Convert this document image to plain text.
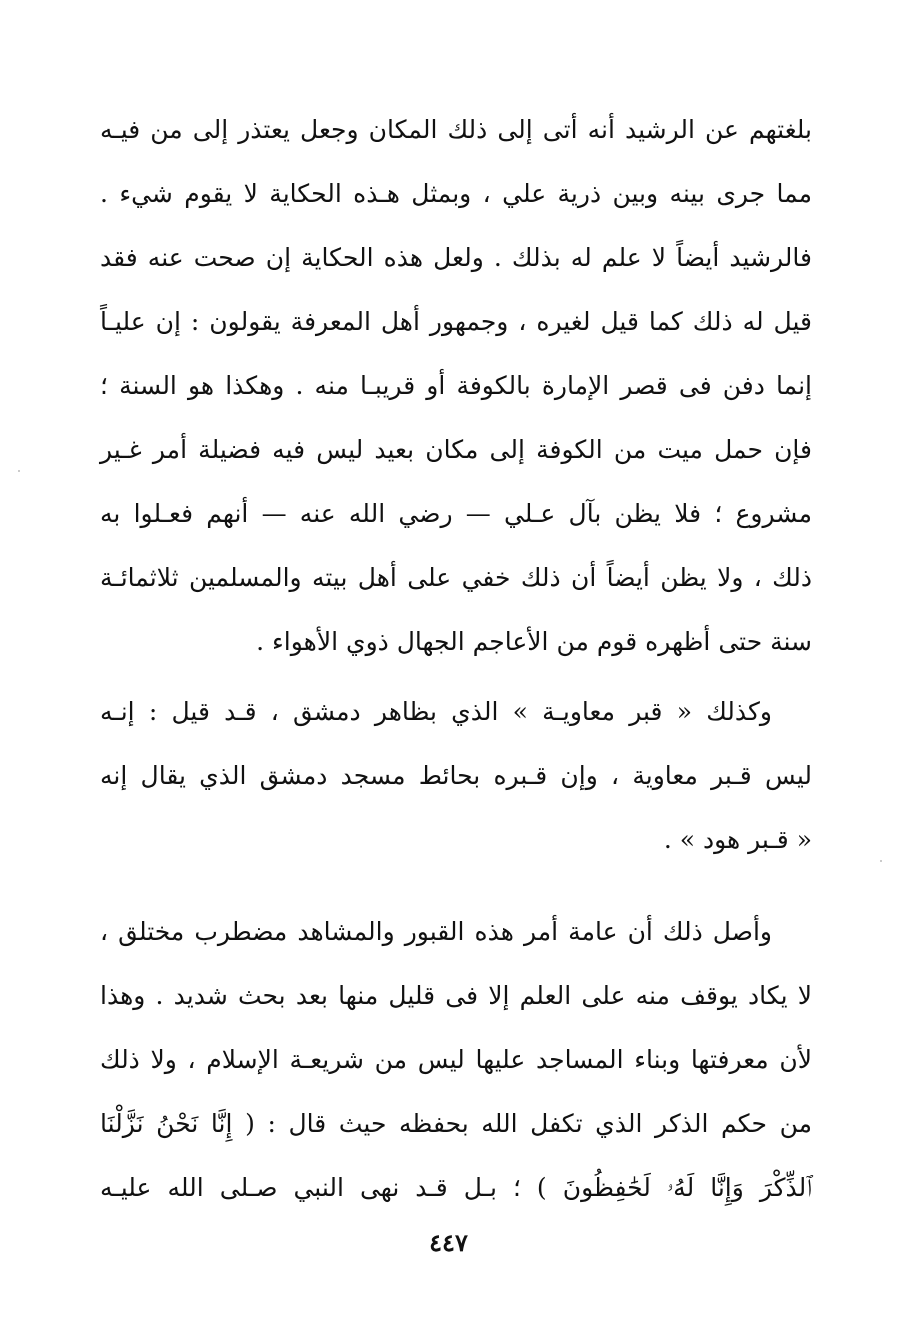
بلغتهم عن الرشيد أنه أتى إلى ذلك المكان وجعل يعتذر إلى من فيـه
مما جرى بينه وبين ذرية علي ، وبمثل هـذه الحكاية لا يقوم شيء .
فالرشيد أيضاً لا علم له بذلك . ولعل هذه الحكاية إن صحت عنه فقد
قيل له ذلك كما قيل لغيره ، وجمهور أهل المعرفة يقولون : إن عليـاً
إنما دفن فى قصر الإمارة بالكوفة أو قريبـا منه . وهكذا هو السنة ؛
فإن حمل ميت من الكوفة إلى مكان بعيد ليس فيه فضيلة أمر غـير
مشروع ؛ فلا يظن بآل عـلي — رضي الله عنه — أنهم فعـلوا به
ذلك ، ولا يظن أيضاً أن ذلك خفي على أهل بيته والمسلمين ثلاثمائـة
سنة حتى أظهره قوم من الأعاجم الجهال ذوي الأهواء .
وكذلك « قبر معاويـة » الذي بظاهر دمشق ، قـد قيل : إنـه
ليس قـبر معاوية ، وإن قـبره بحائط مسجد دمشق الذي يقال إنه
« قـبر هود » .
وأصل ذلك أن عامة أمر هذه القبور والمشاهد مضطرب مختلق ،
لا يكاد يوقف منه على العلم إلا فى قليل منها بعد بحث شديد . وهذا
لأن معرفتها وبناء المساجد عليها ليس من شريعـة الإسلام ، ولا ذلك
من حكم الذكر الذي تكفل الله بحفظه حيث قال : ( إِنَّا نَحْنُ نَزَّلْنَا
ٱلذِّكْرَ وَإِنَّا لَهُۥ لَحَٰفِظُونَ ) ؛ بـل قـد نهى النبي صـلى الله عليـه
٤٤٧
